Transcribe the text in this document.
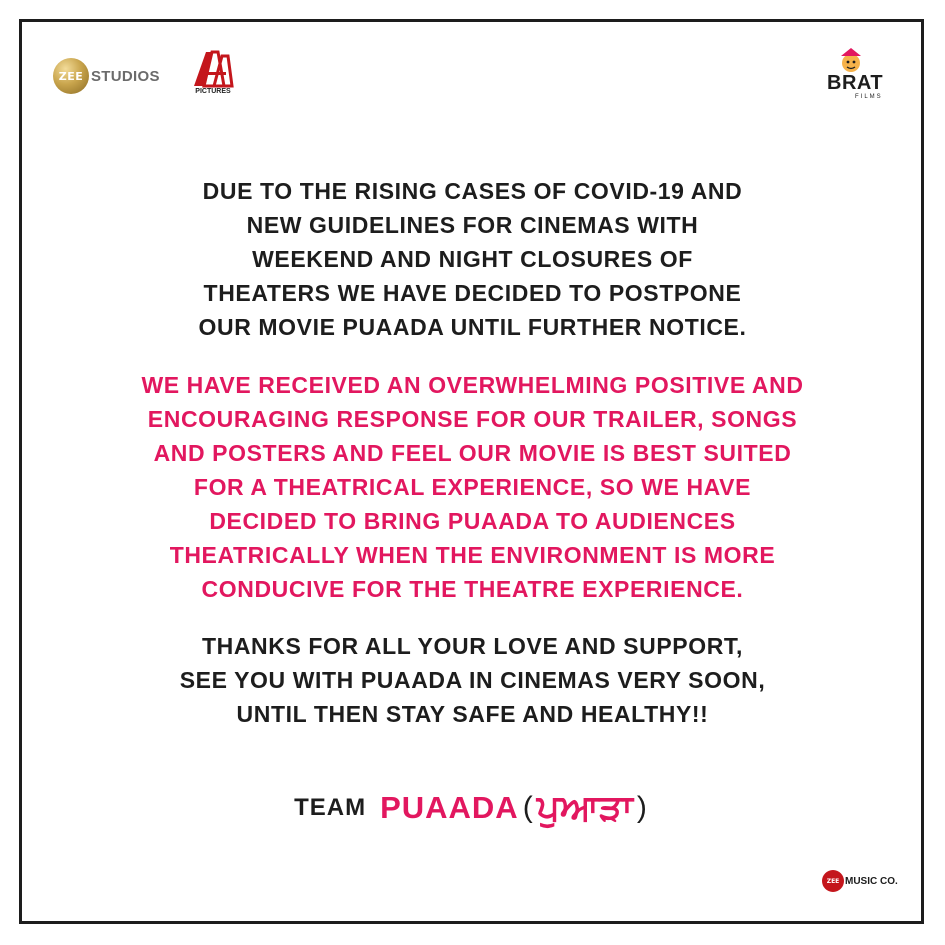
ZEE STUDIOS
PICTURES	BRAT
FILMS
DUE TO THE RISING CASES OF COVID-19 AND
NEW GUIDELINES FOR CINEMAS WITH
WEEKEND AND NIGHT CLOSURES OF
THEATERS WE HAVE DECIDED TO POSTPONE
OUR MOVIE PUAADA UNTIL FURTHER NOTICE.
WE HAVE RECEIVED AN OVERWHELMING POSITIVE AND
ENCOURAGING RESPONSE FOR OUR TRAILER, SONGS
AND POSTERS AND FEEL OUR MOVIE IS BEST SUITED
FOR A THEATRICAL EXPERIENCE, SO WE HAVE
DECIDED TO BRING PUAADA TO AUDIENCES
THEATRICALLY WHEN THE ENVIRONMENT IS MORE
CONDUCIVE FOR THE THEATRE EXPERIENCE.
THANKS FOR ALL YOUR LOVE AND SUPPORT,
SEE YOU WITH PUAADA IN CINEMAS VERY SOON,
UNTIL THEN STAY SAFE AND HEALTHY!!
TEAM PUAADA ( ਪੁਆੜਾ )
ZEE MUSIC CO.
